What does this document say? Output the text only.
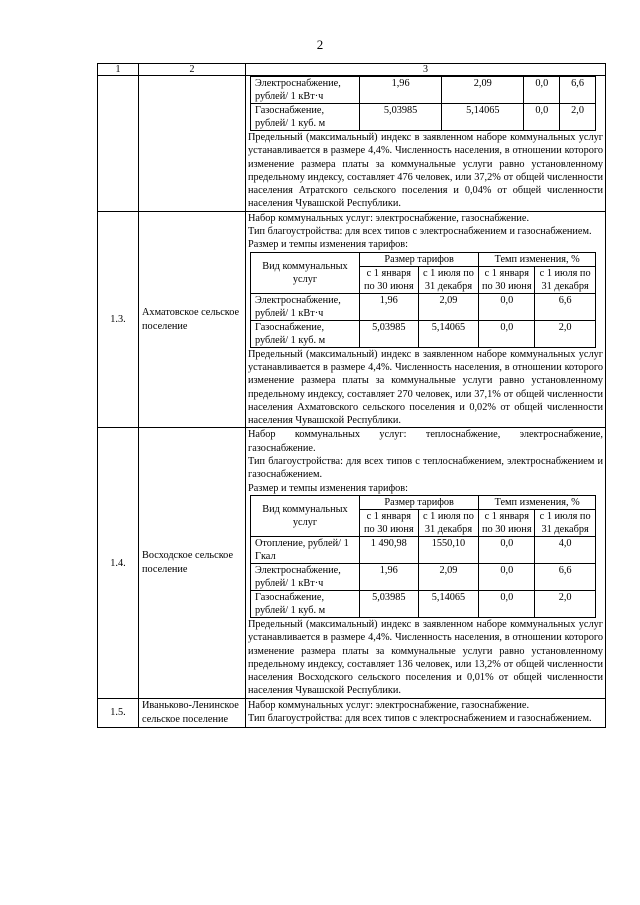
2
1	2	3

Электроснабжение, рублей/ 1 кВт·ч	1,96	2,09	0,0	6,6
Газоснабжение, рублей/ 1 куб. м	5,03985	5,14065	0,0	2,0
Предельный (максимальный) индекс в заявленном наборе коммунальных услуг устанавливается в размере 4,4%. Численность населения, в отношении которого изменение размера платы за коммунальные услуги равно установленному предельному индексу, составляет 476 человек, или 37,2% от общей численности населения Атратского сельского поселения и 0,04% от общей численности населения Чувашской Республики.

1.3.	Ахматовское сельское поселение	
Набор коммунальных услуг: электроснабжение, газоснабжение.
Тип благоустройства: для всех типов с электроснабжением и газоснабжением.
Размер и темпы изменения тарифов:
Вид коммунальных услуг	Размер тарифов	Темп изменения, %
с 1 января по 30 июня	с 1 июля по 31 декабря	с 1 января по 30 июня	с 1 июля по 31 декабря
Электроснабжение, рублей/ 1 кВт·ч	1,96	2,09	0,0	6,6
Газоснабжение, рублей/ 1 куб. м	5,03985	5,14065	0,0	2,0
Предельный (максимальный) индекс в заявленном наборе коммунальных услуг устанавливается в размере 4,4%. Численность населения, в отношении которого изменение размера платы за коммунальные услуги равно установленному предельному индексу, составляет 270 человек, или 37,1% от общей численности населения Ахматовского сельского поселения и 0,02% от общей численности населения Чувашской Республики.

1.4.	Восходское сельское поселение	
Набор коммунальных услуг: теплоснабжение, электроснабжение, газоснабжение.
Тип благоустройства: для всех типов с теплоснабжением, электроснабжением и газоснабжением.
Размер и темпы изменения тарифов:
Вид коммунальных услуг	Размер тарифов	Темп изменения, %
с 1 января по 30 июня	с 1 июля по 31 декабря	с 1 января по 30 июня	с 1 июля по 31 декабря
Отопление, рублей/ 1 Гкал	1 490,98	1550,10	0,0	4,0
Электроснабжение, рублей/ 1 кВт·ч	1,96	2,09	0,0	6,6
Газоснабжение, рублей/ 1 куб. м	5,03985	5,14065	0,0	2,0
Предельный (максимальный) индекс в заявленном наборе коммунальных услуг устанавливается в размере 4,4%. Численность населения, в отношении которого изменение размера платы за коммунальные услуги равно установленному предельному индексу, составляет 136 человек, или 13,2% от общей численности населения Восходского сельского поселения и 0,01% от общей численности населения Чувашской Республики.

1.5.	Иваньково-Ленинское сельское поселение	
Набор коммунальных услуг: электроснабжение, газоснабжение.
Тип благоустройства: для всех типов с электроснабжением и газоснабжением.
